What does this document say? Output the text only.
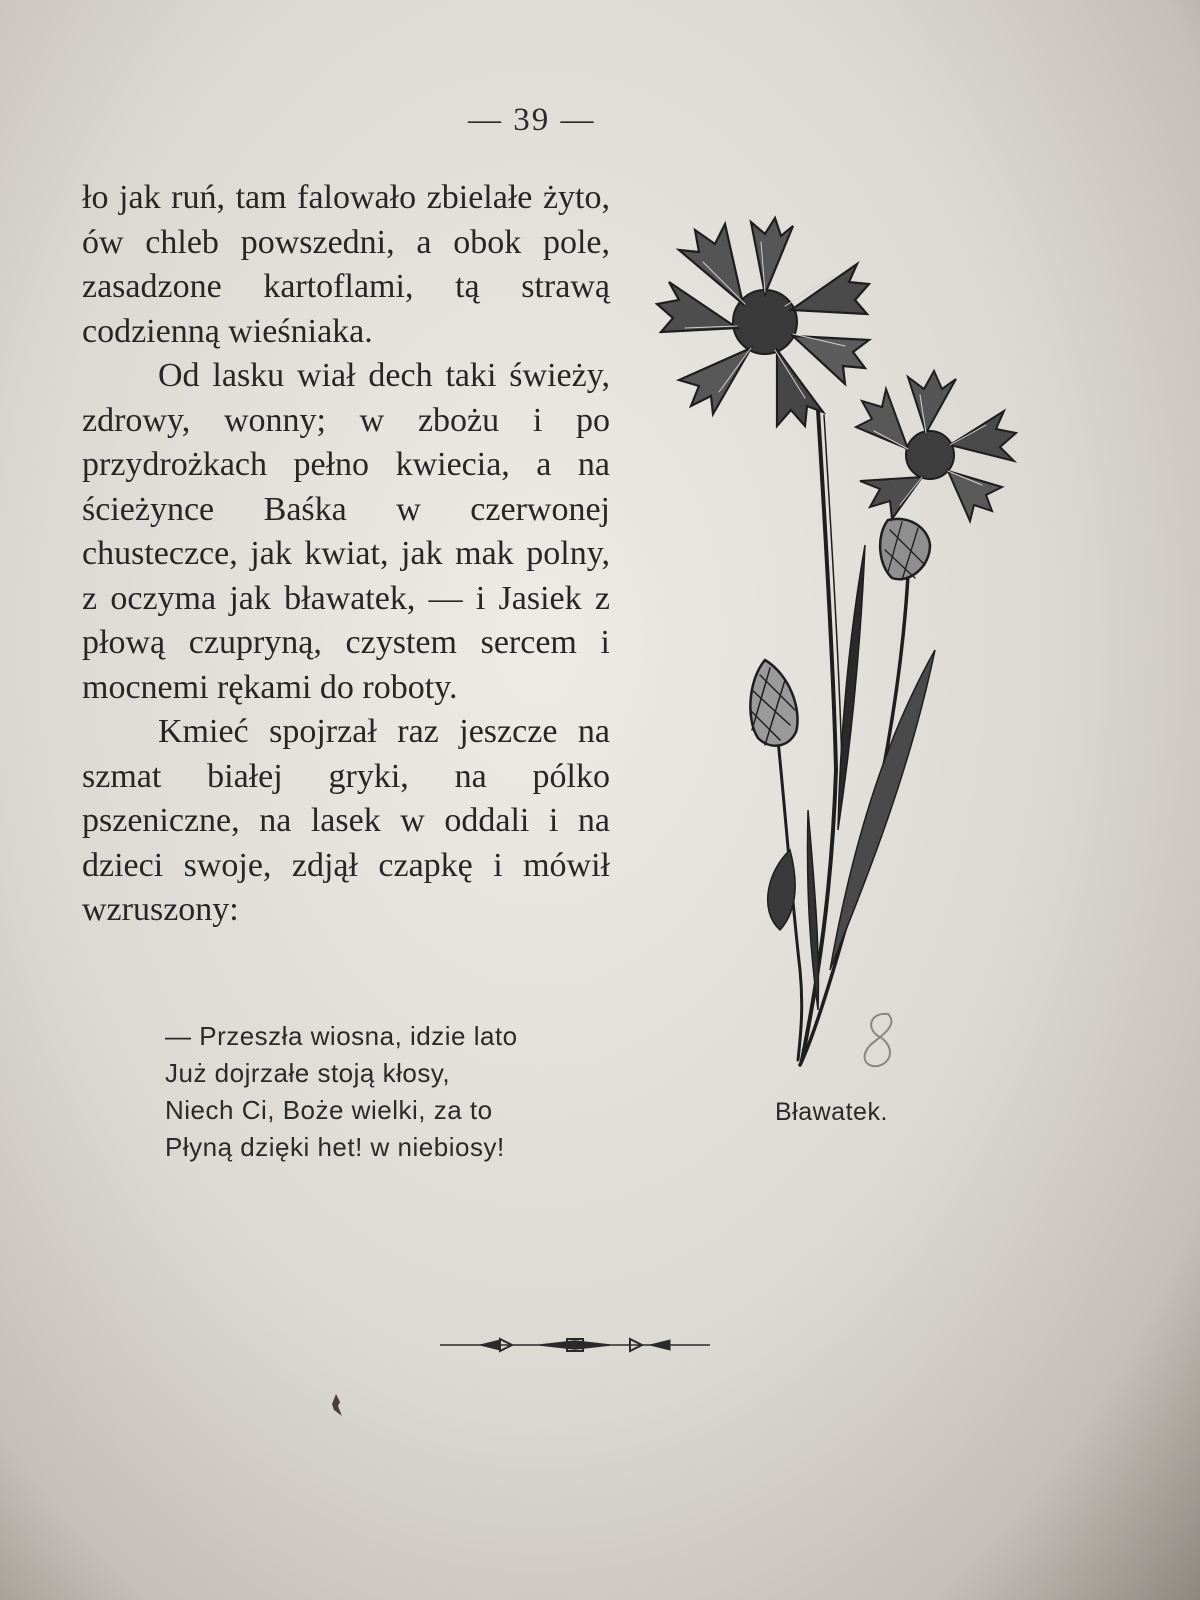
— 39 —

ło jak ruń, tam falowało zbielałe żyto, ów chleb powszedni, a obok pole, zasadzone kartoflami, tą strawą codzienną wieśniaka.

Od lasku wiał dech taki świeży, zdrowy, wonny; w zbożu i po przydrożkach pełno kwiecia, a na ścieżynce Baśka w czerwonej chusteczce, jak kwiat, jak mak polny, z oczyma jak bławatek, — i Jasiek z płową czupryną, czystem sercem i mocnemi rękami do roboty.

Kmieć spojrzał raz jeszcze na szmat białej gryki, na pólko pszeniczne, na lasek w oddali i na dzieci swoje, zdjął czapkę i mówił wzruszony:

— Przeszła wiosna, idzie lato
Już dojrzałe stoją kłosy,
Niech Ci, Boże wielki, za to
Płyną dzięki het! w niebiosy!
Bławatek.
